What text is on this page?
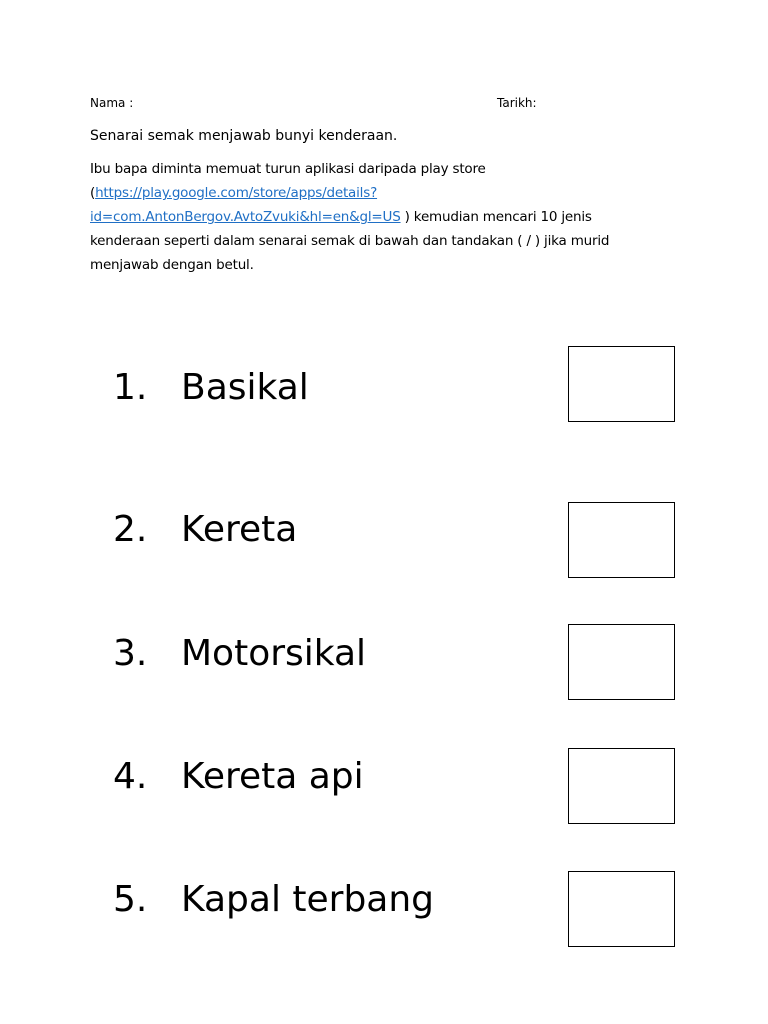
Nama :	Tarikh:
Senarai semak menjawab bunyi kenderaan.
Ibu bapa diminta memuat turun aplikasi daripada play store
(https://play.google.com/store/apps/details?
id=com.AntonBergov.AvtoZvuki&hl=en&gl=US ) kemudian mencari 10 jenis
kenderaan seperti dalam senarai semak di bawah dan tandakan ( / ) jika murid
menjawab dengan betul.
1. Basikal
2. Kereta
3. Motorsikal
4. Kereta api
5. Kapal terbang
